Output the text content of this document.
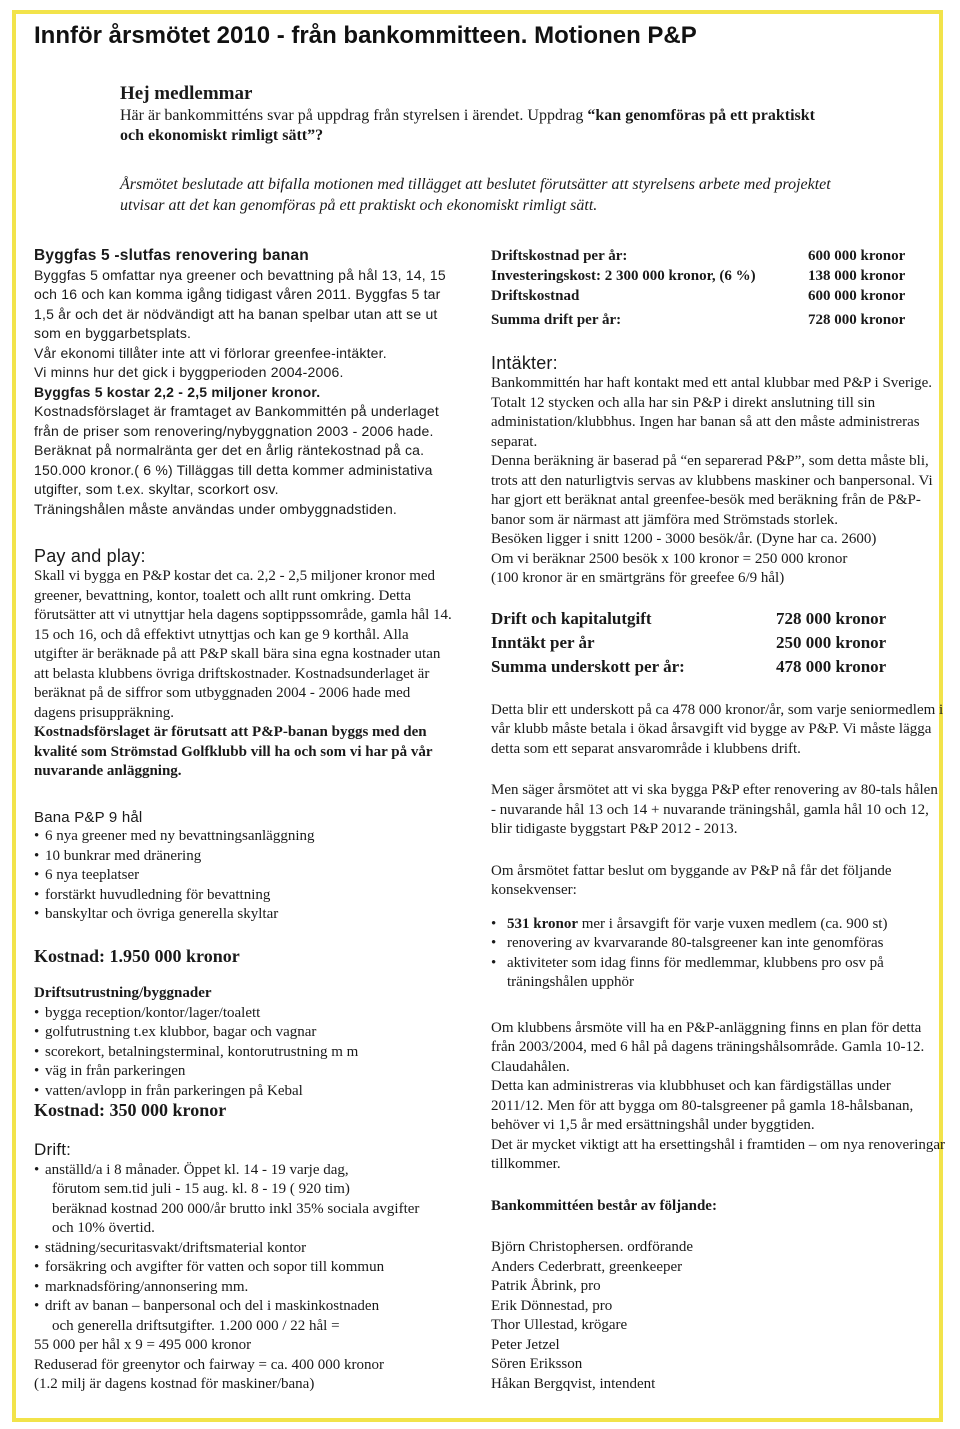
Innför årsmötet 2010 - från bankommitteen. Motionen P&P
Hej medlemmar

Här är bankommitténs svar på uppdrag från styrelsen i ärendet. Uppdrag “kan genomföras på ett praktiskt och ekonomiskt rimligt sätt”?

Årsmötet beslutade att bifalla motionen med tillägget att beslutet förutsätter att styrelsens arbete med projektet utvisar att det kan genomföras på ett praktiskt och ekonomiskt rimligt sätt.

Byggfas 5 -slutfas renovering banan

Byggfas 5 omfattar nya greener och bevattning på hål 13, 14, 15 och 16 och kan komma igång tidigast våren 2011. Byggfas 5 tar 1,5 år och det är nödvändigt att ha banan spelbar utan att se ut som en byggarbetsplats.

Vår ekonomi tillåter inte att vi förlorar greenfee-intäkter.

Vi minns hur det gick i byggperioden 2004-2006.

Byggfas 5 kostar 2,2 - 2,5 miljoner kronor.

Kostnadsförslaget är framtaget av Bankommittén på underlaget från de priser som renovering/nybyggnation 2003 - 2006 hade. Beräknat på normalränta ger det en årlig räntekostnad på ca. 150.000 kronor.( 6 %) Tilläggas till detta kommer administativa utgifter, som t.ex. skyltar, scorkort osv.

Träningshålen måste användas under ombyggnadstiden.

Pay and play:

Skall vi bygga en P&P kostar det ca. 2,2 - 2,5 miljoner kronor med greener, bevattning, kontor, toalett och allt runt omkring. Detta förutsätter att vi utnyttjar hela dagens soptippssområde, gamla hål 14. 15 och 16, och då effektivt utnyttjas och kan ge 9 korthål. Alla utgifter är beräknade på att P&P skall bära sina egna kostnader utan att belasta klubbens övriga driftskostnader. Kostnadsunderlaget är beräknat på de siffror som utbyggnaden 2004 - 2006 hade med dagens prisuppräkning.

Kostnadsförslaget är förutsatt att P&P-banan byggs med den kvalité som Strömstad Golfklubb vill ha och som vi har på vår nuvarande anläggning.

Bana P&P 9 hål

• 6 nya greener med ny bevattningsanläggning
• 10 bunkrar med dränering
• 6 nya teeplatser
• forstärkt huvudledning för bevattning
• banskyltar och övriga generella skyltar

Kostnad: 1.950 000 kronor

Driftsutrustning/byggnader

• bygga reception/kontor/lager/toalett
• golfutrustning t.ex klubbor, bagar och vagnar
• scorekort, betalningsterminal, kontorutrustning m m
• väg in från parkeringen
• vatten/avlopp in från parkeringen på Kebal

Kostnad: 350 000 kronor

Drift:
• anställd/a i 8 månader. Öppet kl. 14 - 19 varje dag,
förutom sem.tid juli - 15 aug. kl. 8 - 19 ( 920 tim)
beräknad kostnad 200 000/år brutto inkl 35% sociala avgifter
och 10% övertid.
• städning/securitasvakt/driftsmaterial kontor
• forsäkring och avgifter för vatten och sopor till kommun
• marknadsföring/annonsering mm.
• drift av banan – banpersonal och del i maskinkostnaden
och generella driftsutgifter. 1.200 000 / 22 hål =

55 000 per hål x 9 = 495 000 kronor

Reduserad för greenytor och fairway = ca. 400 000 kronor

(1.2 milj är dagens kostnad för maskiner/bana)

Driftskostnad per år:	600 000 kronor
Investeringskost: 2 300 000 kronor, (6 %)	138 000 kronor
Driftskostnad	600 000 kronor
Summa drift per år:	728 000 kronor
Intäkter:

Bankommittén har haft kontakt med ett antal klubbar med P&P i Sverige. Totalt 12 stycken och alla har sin P&P i direkt anslutning till sin administation/klubbhus. Ingen har banan så att den måste administreras separat.

Denna beräkning är baserad på “en separerad P&P”, som detta måste bli, trots att den naturligtvis servas av klubbens maskiner och banpersonal. Vi har gjort ett beräknat antal greenfee-besök med beräkning från de P&P-banor som är närmast att jämföra med Strömstads storlek.

Besöken ligger i snitt 1200 - 3000 besök/år. (Dyne har ca. 2600)

Om vi beräknar 2500 besök x 100 kronor = 250 000 kronor

(100 kronor är en smärtgräns för greefee 6/9 hål)

Drift och kapitalutgift	728 000 kronor
Inntäkt per år	250 000 kronor
Summa underskott per år:	478 000 kronor

Detta blir ett underskott på ca 478 000 kronor/år, som varje seniormedlem i vår klubb måste betala i ökad årsavgift vid bygge av P&P. Vi måste lägga detta som ett separat ansvarområde i klubbens drift.

Men säger årsmötet att vi ska bygga P&P efter renovering av 80-tals hålen - nuvarande hål 13 och 14 + nuvarande träningshål, gamla hål 10 och 12, blir tidigaste byggstart P&P 2012 - 2013.

Om årsmötet fattar beslut om byggande av P&P nå får det följande konsekvenser:

• 531 kronor mer i årsavgift för varje vuxen medlem (ca. 900 st)
• renovering av kvarvarande 80-talsgreener kan inte genomföras
• aktiviteter som idag finns för medlemmar, klubbens pro osv på träningshålen upphör

Om klubbens årsmöte vill ha en P&P-anläggning finns en plan för detta från 2003/2004, med 6 hål på dagens träningshålsområde. Gamla 10-12. Claudahålen.

Detta kan administreras via klubbhuset och kan färdigställas under 2011/12. Men för att bygga om 80-talsgreener på gamla 18-hålsbanan, behöver vi 1,5 år med ersättningshål under byggtiden.

Det är mycket viktigt att ha ersettingshål i framtiden – om nya renoveringar tillkommer.

Bankommittéen består av följande:

Björn Christophersen. ordförande

Anders Cederbratt, greenkeeper

Patrik Åbrink, pro

Erik Dönnestad, pro

Thor Ullestad, krögare

Peter Jetzel

Sören Eriksson

Håkan Bergqvist, intendent
